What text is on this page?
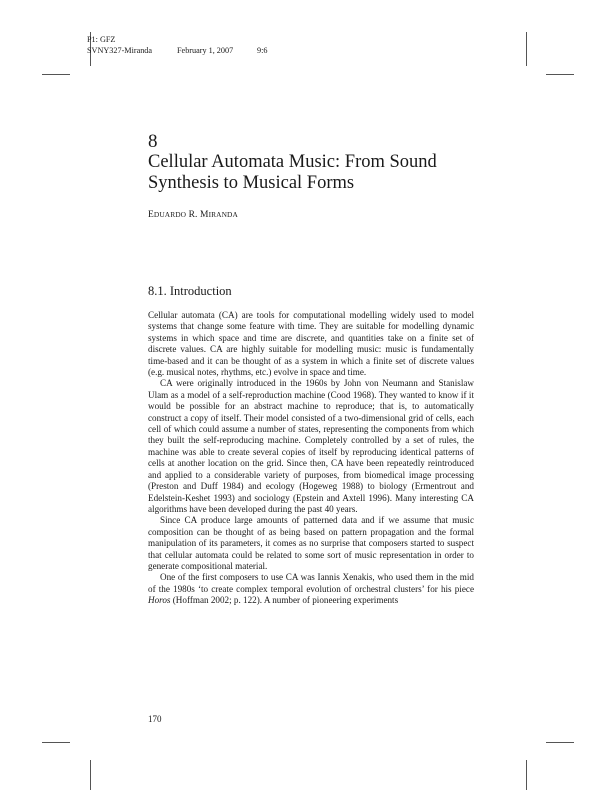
P1: GFZ
SVNY327-Miranda	February 1, 2007	9:6
8
Cellular Automata Music: From Sound
Synthesis to Musical Forms
EDUARDO R. MIRANDA
8.1. Introduction

Cellular automata (CA) are tools for computational modelling widely used to model systems that change some feature with time. They are suitable for modelling dynamic systems in which space and time are discrete, and quantities take on a finite set of discrete values. CA are highly suitable for modelling music: music is fundamentally time-based and it can be thought of as a system in which a finite set of discrete values (e.g. musical notes, rhythms, etc.) evolve in space and time.

CA were originally introduced in the 1960s by John von Neumann and Stanislaw Ulam as a model of a self-reproduction machine (Cood 1968). They wanted to know if it would be possible for an abstract machine to reproduce; that is, to automatically construct a copy of itself. Their model consisted of a two-dimensional grid of cells, each cell of which could assume a number of states, representing the components from which they built the self-reproducing machine. Completely controlled by a set of rules, the machine was able to create several copies of itself by reproducing identical patterns of cells at another location on the grid. Since then, CA have been repeatedly reintroduced and applied to a considerable variety of purposes, from biomedical image processing (Preston and Duff 1984) and ecology (Hogeweg 1988) to biology (Ermentrout and Edelstein-Keshet 1993) and sociology (Epstein and Axtell 1996). Many interesting CA algorithms have been developed during the past 40 years.

Since CA produce large amounts of patterned data and if we assume that music composition can be thought of as being based on pattern propagation and the formal manipulation of its parameters, it comes as no surprise that composers started to suspect that cellular automata could be related to some sort of music representation in order to generate compositional material.

One of the first composers to use CA was Iannis Xenakis, who used them in the mid of the 1980s ‘to create complex temporal evolution of orchestral clusters’ for his piece Horos (Hoffman 2002; p. 122). A number of pioneering experiments

170
